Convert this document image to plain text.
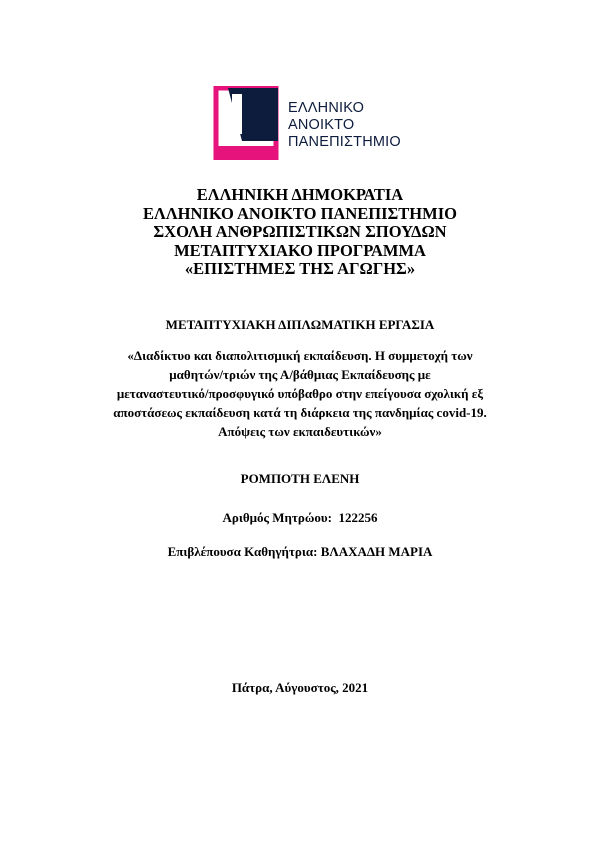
ΕΛΛΗΝΙΚΟ
ΑΝΟΙΚΤΟ
ΠΑΝΕΠΙΣΤΗΜΙΟ
ΕΛΛΗΝΙΚΗ ΔΗΜΟΚΡΑΤΙΑ
ΕΛΛΗΝΙΚΟ ΑΝΟΙΚΤΟ ΠΑΝΕΠΙΣΤΗΜΙΟ
ΣΧΟΛΗ ΑΝΘΡΩΠΙΣΤΙΚΩΝ ΣΠΟΥΔΩΝ
ΜΕΤΑΠΤΥΧΙΑΚΟ ΠΡΟΓΡΑΜΜΑ
«ΕΠΙΣΤΗΜΕΣ ΤΗΣ ΑΓΩΓΗΣ»
ΜΕΤΑΠΤΥΧΙΑΚΗ ΔΙΠΛΩΜΑΤΙΚΗ ΕΡΓΑΣΙΑ
«Διαδίκτυο και διαπολιτισμική εκπαίδευση. Η συμμετοχή των
μαθητών/τριών της Α/βάθμιας Εκπαίδευσης με
μεταναστευτικό/προσφυγικό υπόβαθρο στην επείγουσα σχολική εξ
αποστάσεως εκπαίδευση κατά τη διάρκεια της πανδημίας covid-19.
Απόψεις των εκπαιδευτικών»
ΡΟΜΠΟΤΗ ΕΛΕΝΗ
Αριθμός Μητρώου: 122256
Επιβλέπουσα Καθηγήτρια: ΒΛΑΧΑΔΗ ΜΑΡΙΑ
Πάτρα, Αύγουστος, 2021
